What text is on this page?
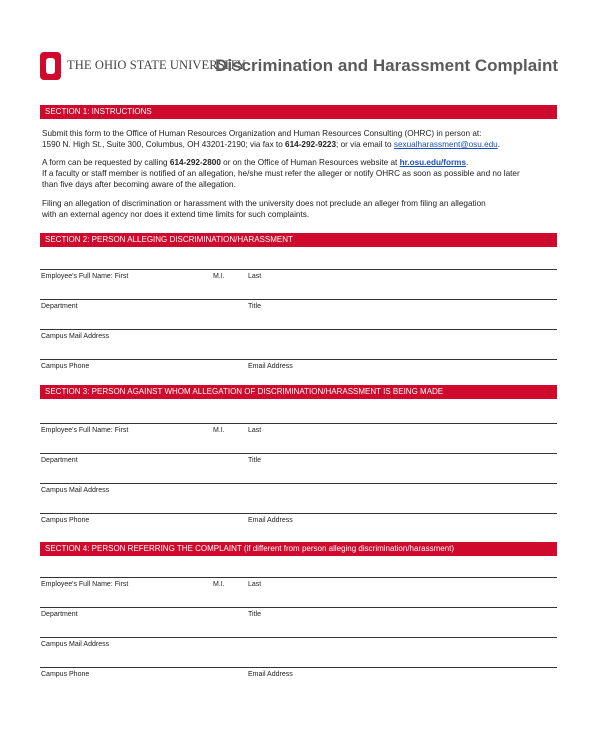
THE OHIO STATE UNIVERSITY
Discrimination and Harassment Complaint
SECTION 1: INSTRUCTIONS
Submit this form to the Office of Human Resources Organization and Human Resources Consulting (OHRC) in person at:
1590 N. High St., Suite 300, Columbus, OH 43201-2190; via fax to 614-292-9223; or via email to sexualharassment@osu.edu.
A form can be requested by calling 614-292-2800 or on the Office of Human Resources website at hr.osu.edu/forms.
If a faculty or staff member is notified of an allegation, he/she must refer the alleger or notify OHRC as soon as possible and no later
than five days after becoming aware of the allegation.
Filing an allegation of discrimination or harassment with the university does not preclude an alleger from filing an allegation
with an external agency nor does it extend time limits for such complaints.
SECTION 2: PERSON ALLEGING DISCRIMINATION/HARASSMENT
Employee's Full Name: First	M.I.	Last
Department	Title
Campus Mail Address
Campus Phone	Email Address
SECTION 3: PERSON AGAINST WHOM ALLEGATION OF DISCRIMINATION/HARASSMENT IS BEING MADE
Employee's Full Name: First	M.I.	Last
Department	Title
Campus Mail Address
Campus Phone	Email Address
SECTION 4: PERSON REFERRING THE COMPLAINT (if different from person alleging discrimination/harassment)
Employee's Full Name: First	M.I.	Last
Department	Title
Campus Mail Address
Campus Phone	Email Address
